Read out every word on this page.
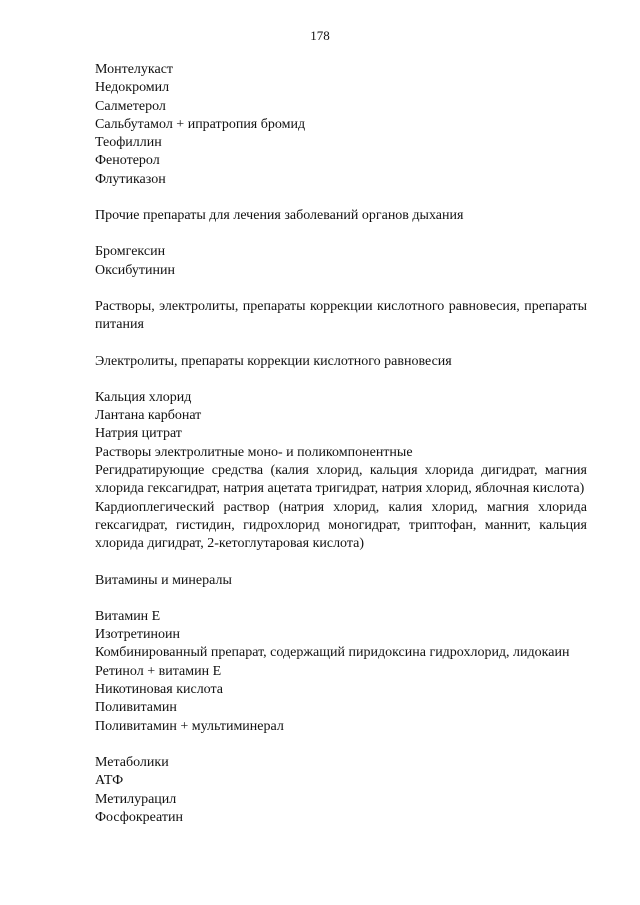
178
Монтелукаст
Недокромил
Салметерол
Сальбутамол + ипратропия бромид
Теофиллин
Фенотерол
Флутиказон
Прочие препараты для лечения заболеваний органов дыхания
Бромгексин
Оксибутинин
Растворы, электролиты, препараты коррекции кислотного равновесия, препараты питания
Электролиты, препараты коррекции кислотного равновесия
Кальция хлорид
Лантана карбонат
Натрия цитрат
Растворы электролитные моно- и поликомпонентные
Регидратирующие средства (калия хлорид, кальция хлорида дигидрат, магния хлорида гексагидрат, натрия ацетата тригидрат, натрия хлорид, яблочная кислота)
Кардиоплегический раствор (натрия хлорид, калия хлорид, магния хлорида гексагидрат, гистидин, гидрохлорид моногидрат, триптофан, маннит, кальция хлорида дигидрат, 2-кетоглутаровая кислота)
Витамины и минералы
Витамин Е
Изотретиноин
Комбинированный препарат, содержащий пиридоксина гидрохлорид, лидокаин
Ретинол + витамин Е
Никотиновая кислота
Поливитамин
Поливитамин + мультиминерал
Метаболики
АТФ
Метилурацил
Фосфокреатин
